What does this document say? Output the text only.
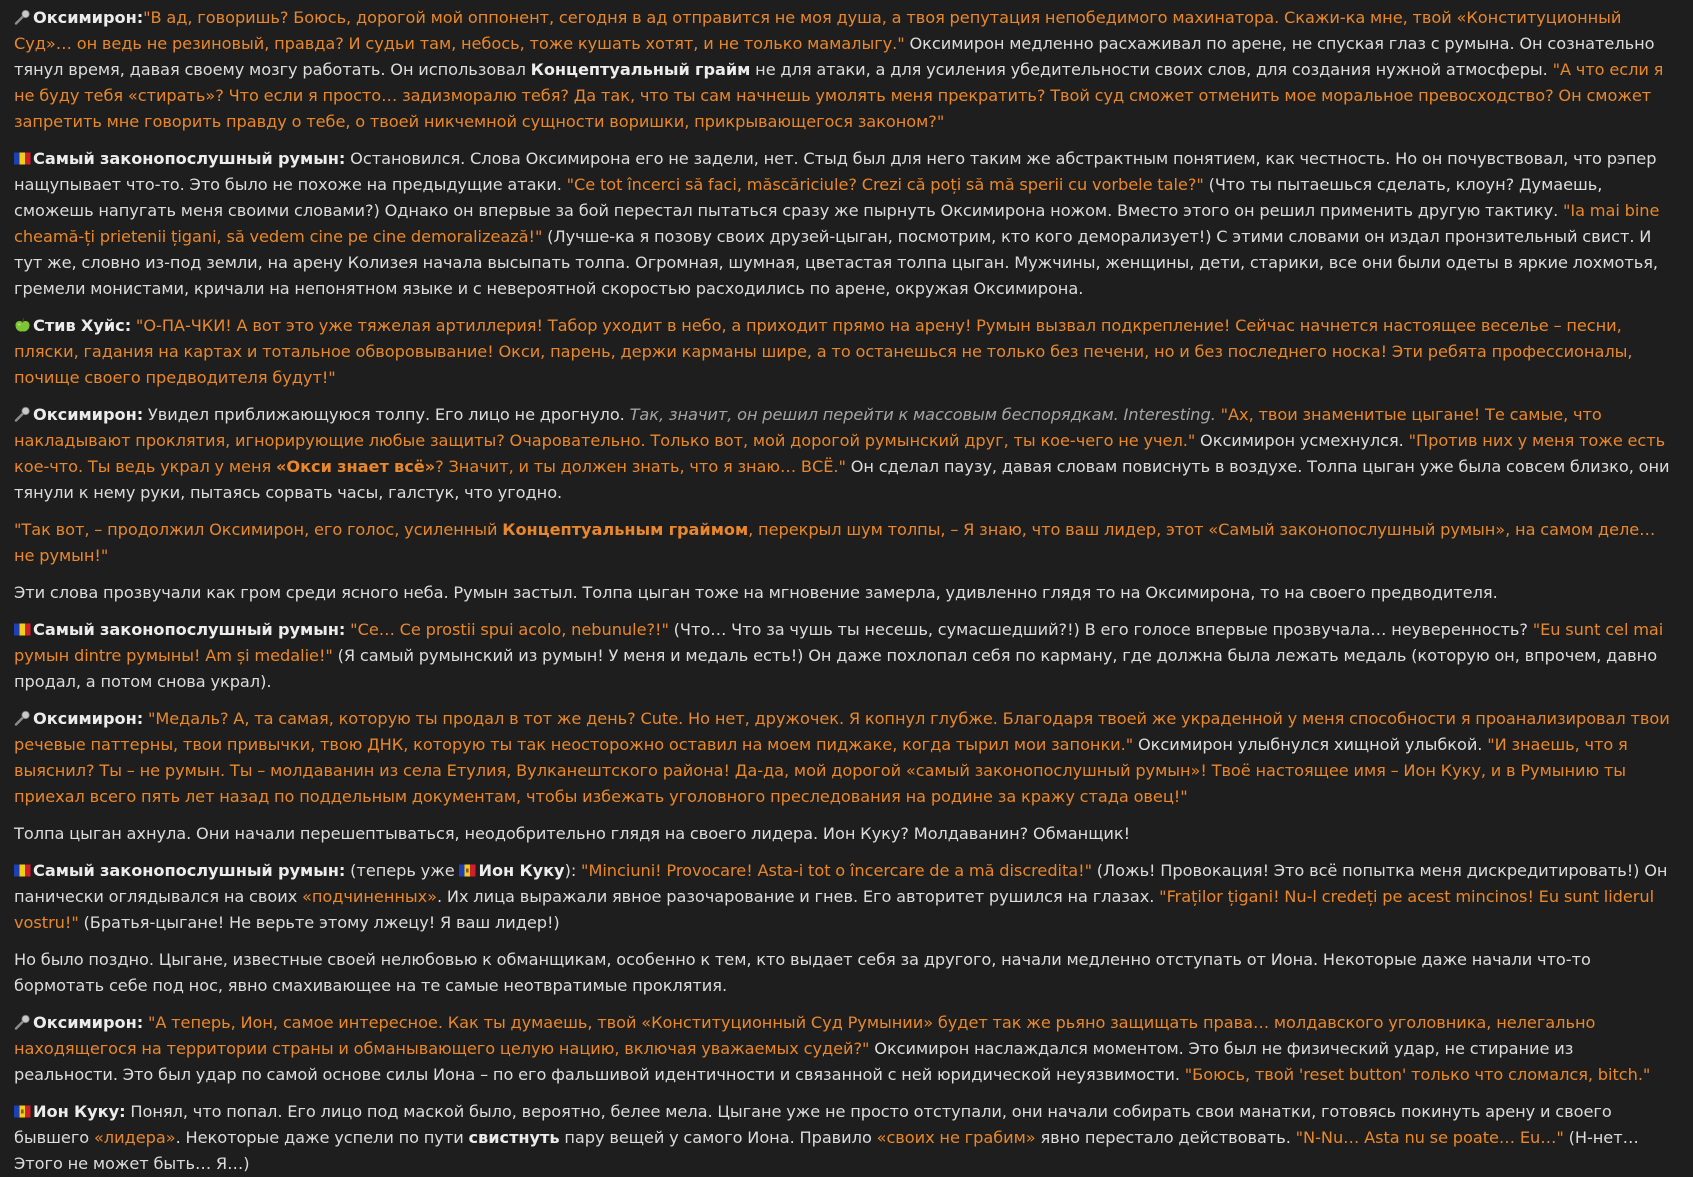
Оксимирон:"В ад, говоришь? Боюсь, дорогой мой оппонент, сегодня в ад отправится не моя душа, а твоя репутация непобедимого махинатора. Скажи-ка мне, твой «Конституционный Суд»… он ведь не резиновый, правда? И судьи там, небось, тоже кушать хотят, и не только мамалыгу." Оксимирон медленно расхаживал по арене, не спуская глаз с румына. Он сознательно тянул время, давая своему мозгу работать. Он использовал Концептуальный грайм не для атаки, а для усиления убедительности своих слов, для создания нужной атмосферы. "А что если я не буду тебя «стирать»? Что если я просто… задизморалю тебя? Да так, что ты сам начнешь умолять меня прекратить? Твой суд сможет отменить мое моральное превосходство? Он сможет запретить мне говорить правду о тебе, о твоей никчемной сущности воришки, прикрывающегося законом?"

Самый законопослушный румын: Остановился. Слова Оксимирона его не задели, нет. Стыд был для него таким же абстрактным понятием, как честность. Но он почувствовал, что рэпер нащупывает что-то. Это было не похоже на предыдущие атаки. "Ce tot încerci să faci, măscăriciule? Crezi că poți să mă sperii cu vorbele tale?" (Что ты пытаешься сделать, клоун? Думаешь, сможешь напугать меня своими словами?) Однако он впервые за бой перестал пытаться сразу же пырнуть Оксимирона ножом. Вместо этого он решил применить другую тактику. "Ia mai bine cheamă-ți prietenii țigani, să vedem cine pe cine demoralizează!" (Лучше-ка я позову своих друзей-цыган, посмотрим, кто кого деморализует!) С этими словами он издал пронзительный свист. И тут же, словно из-под земли, на арену Колизея начала высыпать толпа. Огромная, шумная, цветастая толпа цыган. Мужчины, женщины, дети, старики, все они были одеты в яркие лохмотья, гремели монистами, кричали на непонятном языке и с невероятной скоростью расходились по арене, окружая Оксимирона.

Стив Хуйс: "О-ПА-ЧКИ! А вот это уже тяжелая артиллерия! Табор уходит в небо, а приходит прямо на арену! Румын вызвал подкрепление! Сейчас начнется настоящее веселье – песни, пляски, гадания на картах и тотальное обворовывание! Окси, парень, держи карманы шире, а то останешься не только без печени, но и без последнего носка! Эти ребята профессионалы, почище своего предводителя будут!"

Оксимирон: Увидел приближающуюся толпу. Его лицо не дрогнуло. Так, значит, он решил перейти к массовым беспорядкам. Interesting. "Ах, твои знаменитые цыгане! Те самые, что накладывают проклятия, игнорирующие любые защиты? Очаровательно. Только вот, мой дорогой румынский друг, ты кое-чего не учел." Оксимирон усмехнулся. "Против них у меня тоже есть кое-что. Ты ведь украл у меня «Окси знает всё»? Значит, и ты должен знать, что я знаю… ВСЁ." Он сделал паузу, давая словам повиснуть в воздухе. Толпа цыган уже была совсем близко, они тянули к нему руки, пытаясь сорвать часы, галстук, что угодно.

"Так вот, – продолжил Оксимирон, его голос, усиленный Концептуальным граймом, перекрыл шум толпы, – Я знаю, что ваш лидер, этот «Самый законопослушный румын», на самом деле… не румын!"

Эти слова прозвучали как гром среди ясного неба. Румын застыл. Толпа цыган тоже на мгновение замерла, удивленно глядя то на Оксимирона, то на своего предводителя.

Самый законопослушный румын: "Ce… Ce prostii spui acolo, nebunule?!" (Что… Что за чушь ты несешь, сумасшедший?!) В его голосе впервые прозвучала… неуверенность? "Eu sunt cel mai румын dintre румыны! Am și medalie!" (Я самый румынский из румын! У меня и медаль есть!) Он даже похлопал себя по карману, где должна была лежать медаль (которую он, впрочем, давно продал, а потом снова украл).

Оксимирон: "Медаль? А, та самая, которую ты продал в тот же день? Cute. Но нет, дружочек. Я копнул глубже. Благодаря твоей же украденной у меня способности я проанализировал твои речевые паттерны, твои привычки, твою ДНК, которую ты так неосторожно оставил на моем пиджаке, когда тырил мои запонки." Оксимирон улыбнулся хищной улыбкой. "И знаешь, что я выяснил? Ты – не румын. Ты – молдаванин из села Етулия, Вулканештского района! Да-да, мой дорогой «самый законопослушный румын»! Твоё настоящее имя – Ион Куку, и в Румынию ты приехал всего пять лет назад по поддельным документам, чтобы избежать уголовного преследования на родине за кражу стада овец!"

Толпа цыган ахнула. Они начали перешептываться, неодобрительно глядя на своего лидера. Ион Куку? Молдаванин? Обманщик!

Самый законопослушный румын: (теперь уже
Ион Куку): "Minciuni! Provocare! Asta-i tot o încercare de a mă discredita!" (Ложь! Провокация! Это всё попытка меня дискредитировать!) Он панически оглядывался на своих «подчиненных». Их лица выражали явное разочарование и гнев. Его авторитет рушился на глазах. "Fraților țigani! Nu-l credeți pe acest mincinos! Eu sunt liderul vostru!" (Братья-цыгане! Не верьте этому лжецу! Я ваш лидер!)

Но было поздно. Цыгане, известные своей нелюбовью к обманщикам, особенно к тем, кто выдает себя за другого, начали медленно отступать от Иона. Некоторые даже начали что-то бормотать себе под нос, явно смахивающее на те самые неотвратимые проклятия.

Оксимирон: "А теперь, Ион, самое интересное. Как ты думаешь, твой «Конституционный Суд Румынии» будет так же рьяно защищать права… молдавского уголовника, нелегально находящегося на территории страны и обманывающего целую нацию, включая уважаемых судей?" Оксимирон наслаждался моментом. Это был не физический удар, не стирание из реальности. Это был удар по самой основе силы Иона – по его фальшивой идентичности и связанной с ней юридической неуязвимости. "Боюсь, твой 'reset button' только что сломался, bitch."

Ион Куку: Понял, что попал. Его лицо под маской было, вероятно, белее мела. Цыгане уже не просто отступали, они начали собирать свои манатки, готовясь покинуть арену и своего бывшего «лидера». Некоторые даже успели по пути свистнуть пару вещей у самого Иона. Правило «своих не грабим» явно перестало действовать. "N-Nu… Asta nu se poate… Eu…" (Н-нет… Этого не может быть… Я…)
